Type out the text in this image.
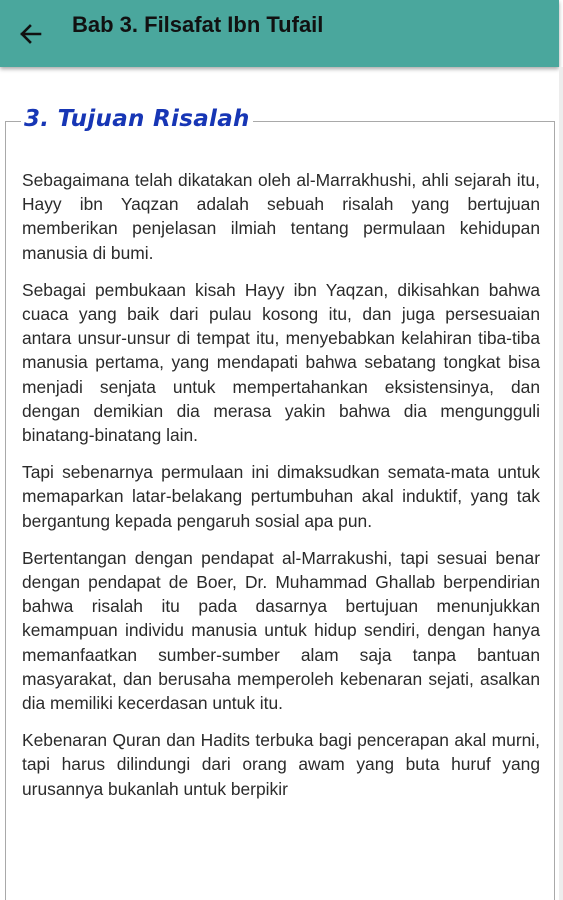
Bab 3. Filsafat Ibn Tufail
3. Tujuan Risalah

Sebagaimana telah dikatakan oleh al-Marrakhushi, ahli sejarah itu, Hayy ibn Yaqzan adalah sebuah risalah yang bertujuan memberikan penjelasan ilmiah tentang permulaan kehidupan manusia di bumi.

Sebagai pembukaan kisah Hayy ibn Yaqzan, dikisahkan bahwa cuaca yang baik dari pulau kosong itu, dan juga persesuaian antara unsur-unsur di tempat itu, menyebabkan kelahiran tiba-tiba manusia pertama, yang mendapati bahwa sebatang tongkat bisa menjadi senjata untuk mempertahankan eksistensinya, dan dengan demikian dia merasa yakin bahwa dia mengungguli binatang-binatang lain.

Tapi sebenarnya permulaan ini dimaksudkan semata-mata untuk memaparkan latar-belakang pertumbuhan akal induktif, yang tak bergantung kepada pengaruh sosial apa pun.

Bertentangan dengan pendapat al-Marrakushi, tapi sesuai benar dengan pendapat de Boer, Dr. Muhammad Ghallab berpendirian bahwa risalah itu pada dasarnya bertujuan menunjukkan kemampuan individu manusia untuk hidup sendiri, dengan hanya memanfaatkan sumber-sumber alam saja tanpa bantuan masyarakat, dan berusaha memperoleh kebenaran sejati, asalkan dia memiliki kecerdasan untuk itu.

Kebenaran Quran dan Hadits terbuka bagi pencerapan akal murni, tapi harus dilindungi dari orang awam yang buta huruf yang urusannya bukanlah untuk berpikir
